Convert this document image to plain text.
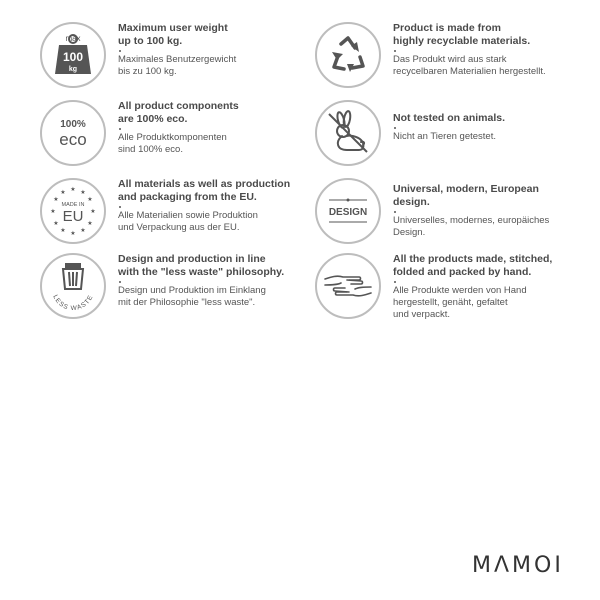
max
100
kg
Maximum user weight
up to 100 kg.
Maximales Benutzergewicht
bis zu 100 kg.
Product is made from
highly recyclable materials.
Das Produkt wird aus stark
recycelbaren Materialien hergestellt.
100%
eco
All product components
are 100% eco.
Alle Produktkomponenten
sind 100% eco.
Not tested on animals.
Nicht an Tieren getestet.
★ ★
★
★
★
★
★
★
★
★
★
★
MADE IN
EU
All materials as well as production
and packaging from the EU.
Alle Materialien sowie Produktion
und Verpackung aus der EU.
DESIGN
Universal, modern, European
design.
Universelles, modernes, europäiches
Design.
LESS WASTE
Design and production in line
with the "less waste" philosophy.
Design und Produktion im Einklang
mit der Philosophie "less waste".
All the products made, stitched,
folded and packed by hand.
Alle Produkte werden von Hand
hergestellt, genäht, gefaltet
und verpackt.
MΛMOI
